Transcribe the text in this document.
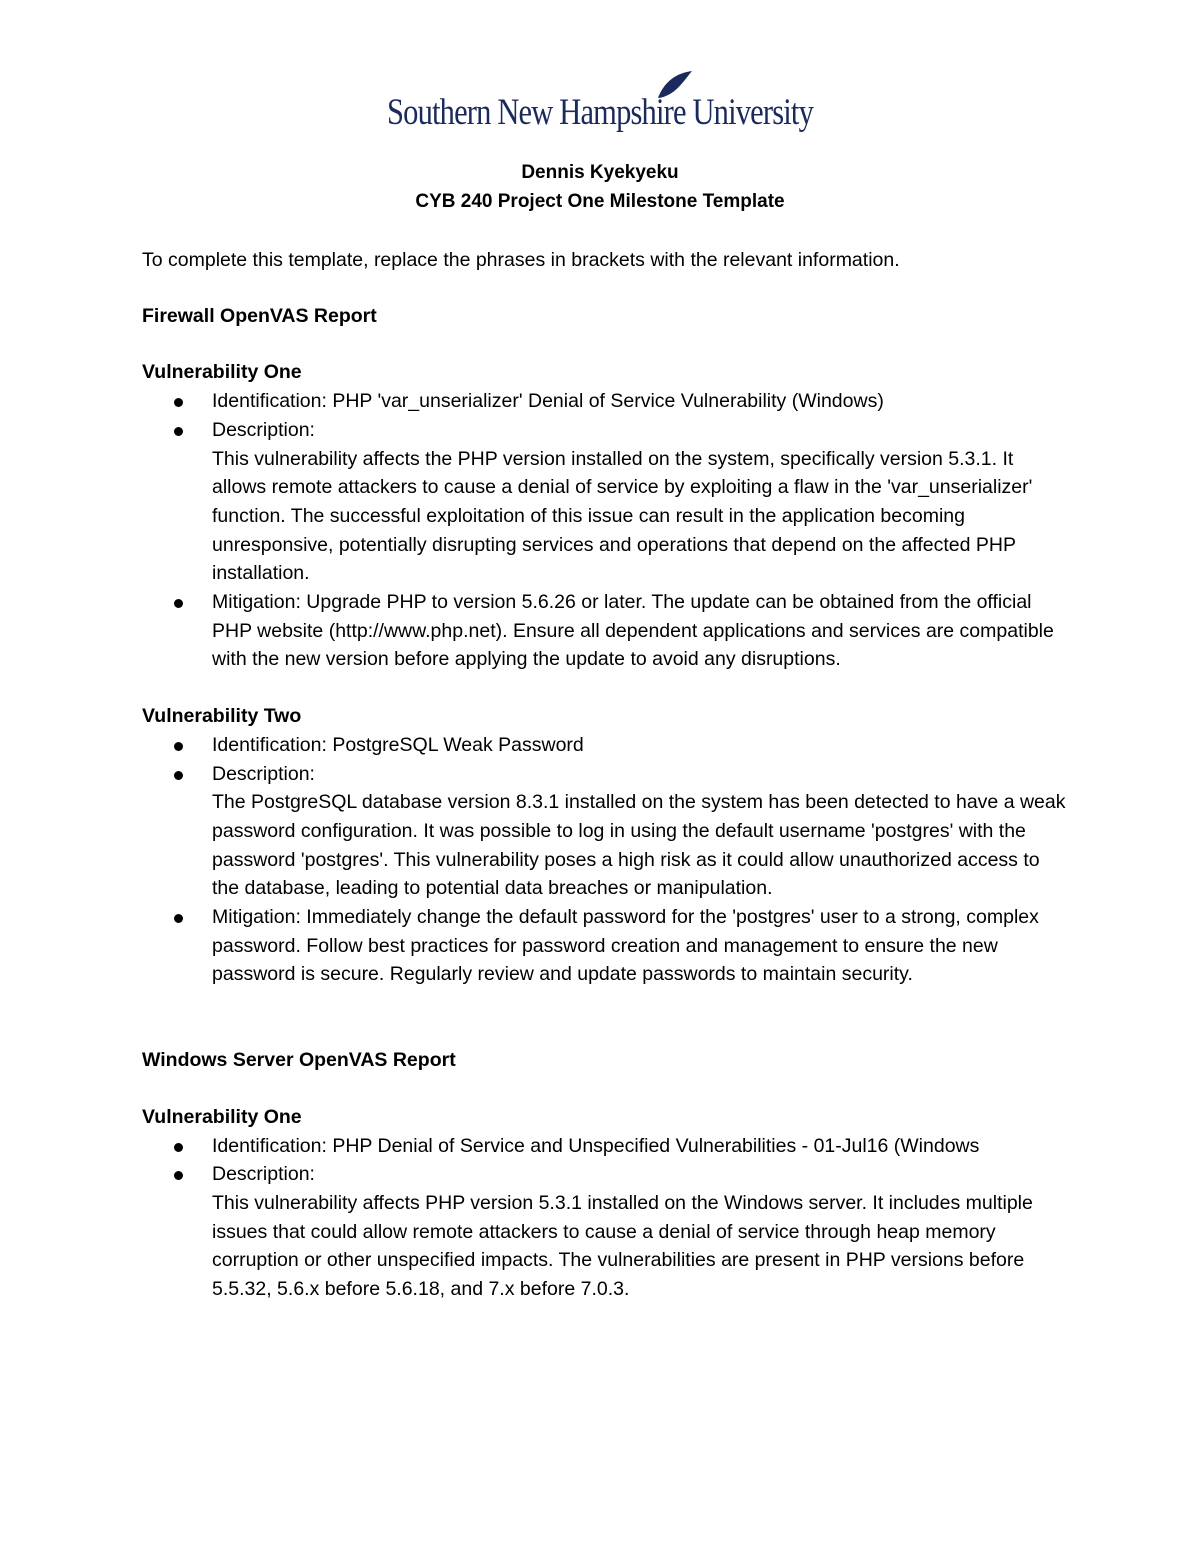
Southern New Hampshire University
Dennis Kyekyeku
CYB 240 Project One Milestone Template

To complete this template, replace the phrases in brackets with the relevant information.

Firewall OpenVAS Report

Vulnerability One

Identification: PHP 'var_unserializer' Denial of Service Vulnerability (Windows)
Description:
This vulnerability affects the PHP version installed on the system, specifically version 5.3.1. It allows remote attackers to cause a denial of service by exploiting a flaw in the 'var_unserializer' function. The successful exploitation of this issue can result in the application becoming unresponsive, potentially disrupting services and operations that depend on the affected PHP installation.
Mitigation: Upgrade PHP to version 5.6.26 or later. The update can be obtained from the official PHP website (http://www.php.net). Ensure all dependent applications and services are compatible with the new version before applying the update to avoid any disruptions.

Vulnerability Two

Identification: PostgreSQL Weak Password
Description:
The PostgreSQL database version 8.3.1 installed on the system has been detected to have a weak password configuration. It was possible to log in using the default username 'postgres' with the password 'postgres'. This vulnerability poses a high risk as it could allow unauthorized access to the database, leading to potential data breaches or manipulation.
Mitigation: Immediately change the default password for the 'postgres' user to a strong, complex password. Follow best practices for password creation and management to ensure the new password is secure. Regularly review and update passwords to maintain security.

Windows Server OpenVAS Report

Vulnerability One

Identification: PHP Denial of Service and Unspecified Vulnerabilities - 01-Jul16 (Windows
Description:
This vulnerability affects PHP version 5.3.1 installed on the Windows server. It includes multiple issues that could allow remote attackers to cause a denial of service through heap memory corruption or other unspecified impacts. The vulnerabilities are present in PHP versions before 5.5.32, 5.6.x before 5.6.18, and 7.x before 7.0.3.
